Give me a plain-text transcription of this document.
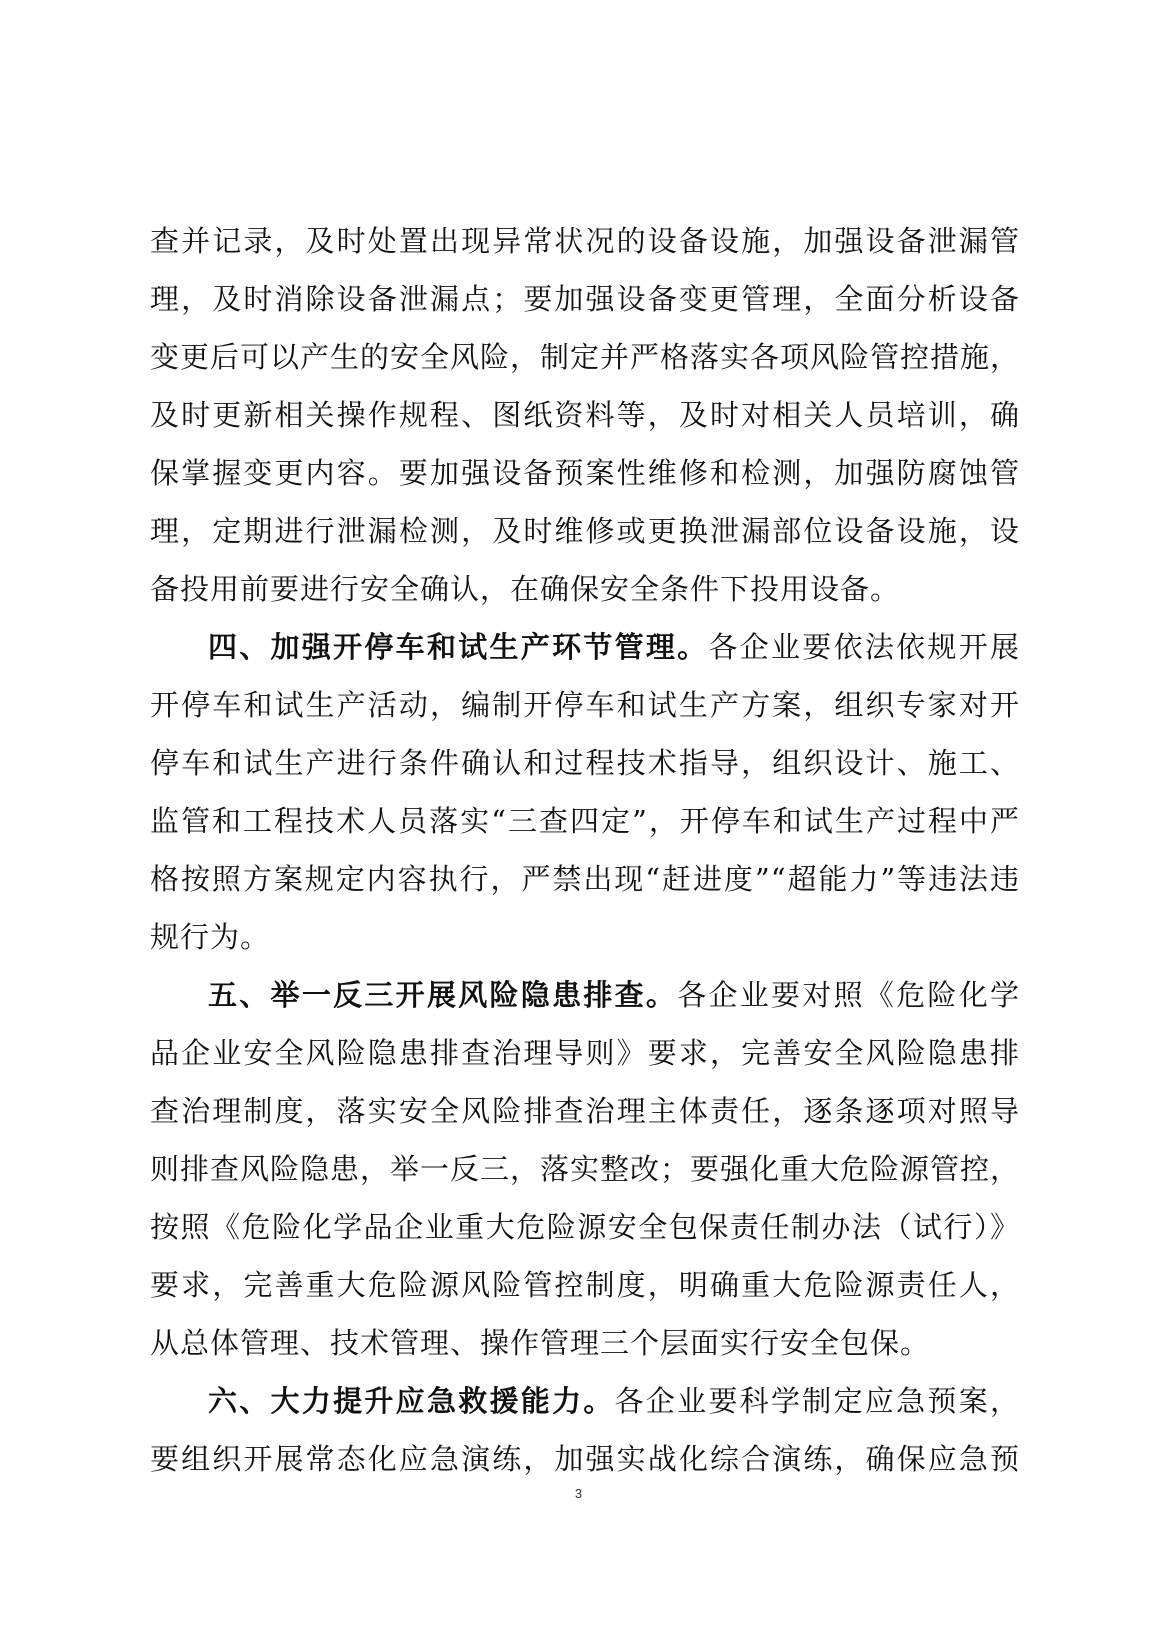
查并记录，及时处置出现异常状况的设备设施，加强设备泄漏管
理，及时消除设备泄漏点；要加强设备变更管理，全面分析设备
变更后可以产生的安全风险，制定并严格落实各项风险管控措施，
及时更新相关操作规程、图纸资料等，及时对相关人员培训，确
保掌握变更内容。要加强设备预案性维修和检测，加强防腐蚀管
理，定期进行泄漏检测，及时维修或更换泄漏部位设备设施，设
备投用前要进行安全确认，在确保安全条件下投用设备。
四、加强开停车和试生产环节管理。各企业要依法依规开展
开停车和试生产活动，编制开停车和试生产方案，组织专家对开
停车和试生产进行条件确认和过程技术指导，组织设计、施工、
监管和工程技术人员落实“三查四定”，开停车和试生产过程中严
格按照方案规定内容执行，严禁出现“赶进度”“超能力”等违法违
规行为。
五、举一反三开展风险隐患排查。各企业要对照《危险化学
品企业安全风险隐患排查治理导则》要求，完善安全风险隐患排
查治理制度，落实安全风险排查治理主体责任，逐条逐项对照导
则排查风险隐患，举一反三，落实整改；要强化重大危险源管控，
按照《危险化学品企业重大危险源安全包保责任制办法（试行）》
要求，完善重大危险源风险管控制度，明确重大危险源责任人，
从总体管理、技术管理、操作管理三个层面实行安全包保。
六、大力提升应急救援能力。各企业要科学制定应急预案，
要组织开展常态化应急演练，加强实战化综合演练，确保应急预
3
